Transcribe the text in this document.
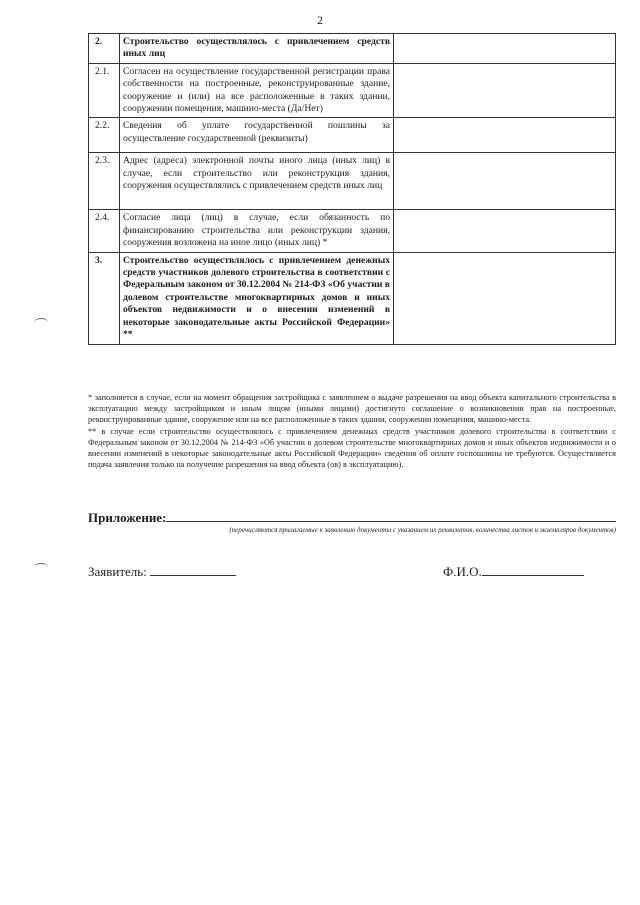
2
2.	Строительство осуществлялось с привлечением средств иных лиц	
2.1.	Согласен на осуществление государственной регистрации права собственности на построенные, реконструированные здание, сооружение и (или) на все расположенные в таких здании, сооружении помещения, машино-места (Да/Нет)	
2.2.	Сведения об уплате государственной пошлины за осуществление государственной (реквизиты)	
2.3.	Адрес (адреса) электронной почты иного лица (иных лиц) в случае, если строительство или реконструкция здания, сооружения осуществлялись с привлечением средств иных лиц	
2.4.	Согласие лица (лиц) в случае, если обязанность по финансированию строительства или реконструкции здания, сооружения возложена на иное лицо (иных лиц) *	
3.	Строительство осуществлялось с привлечением денежных средств участников долевого строительства в соответствии с Федеральным законом от 30.12.2004 № 214-ФЗ «Об участии в долевом строительстве многоквартирных домов и иных объектов недвижимости и о внесении изменений в некоторые законодательные акты Российской Федерации» **	

* заполняется в случае, если на момент обращения застройщика с заявлением о выдаче разрешения на ввод объекта капитального строительства в эксплуатацию между застройщиком и иным лицом (иными лицами) достигнуто соглашение о возникновении прав на построенные, реконструированные здание, сооружение или на все расположенные в таких здании, сооружении помещения, машино-места.

** в случае если строительство осуществлялось с привлечением денежных средств участников долевого строительства в соответствии с Федеральным законом от 30.12.2004 № 214-ФЗ «Об участии в долевом строительстве многоквартирных домов и иных объектов недвижимости и о внесении изменений в некоторые законодательные акты Российской Федерации» сведения об оплате госпошлины не требуются. Осуществляется подача заявления только на получение разрешения на ввод объекта (ов) в эксплуатацию).

Приложение:
(перечисляются прилагаемые к заявлению документы с указанием их реквизитов, количества листов и экземпляров документов)
Заявитель:	Ф.И.О.
